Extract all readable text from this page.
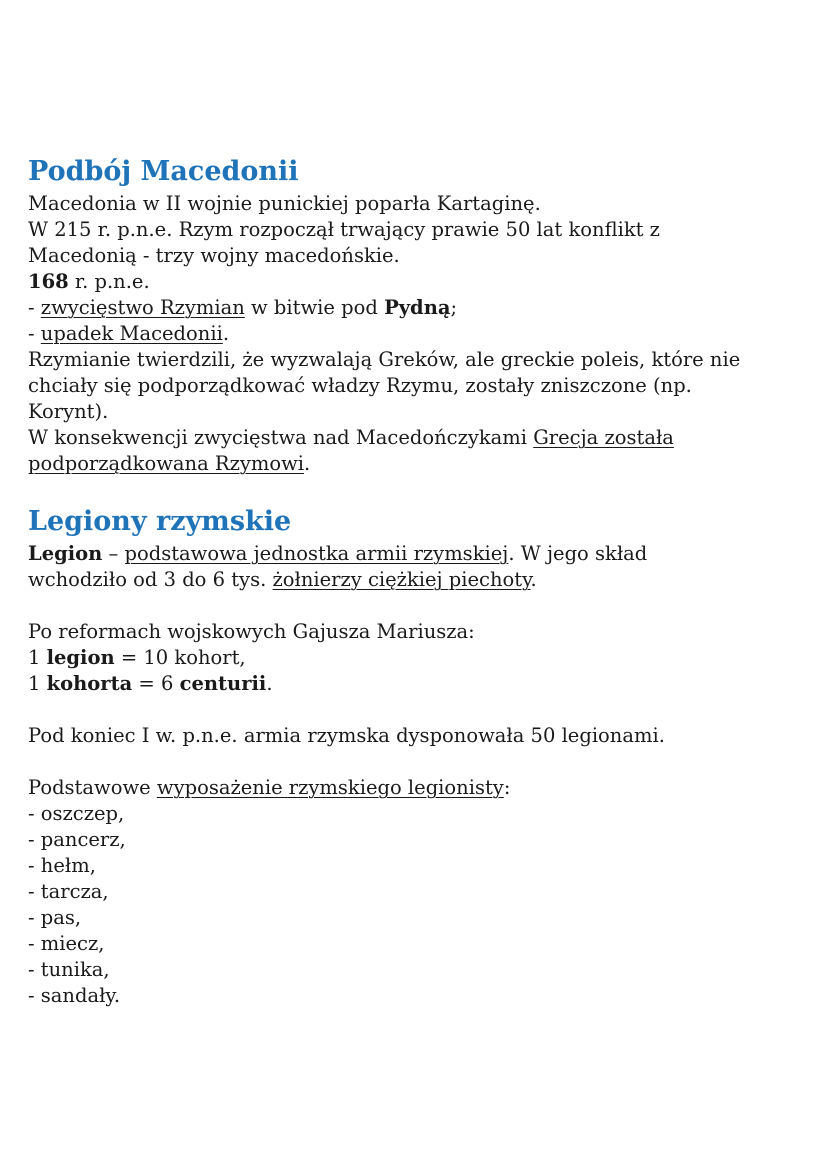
Podbój Macedonii
Macedonia w II wojnie punickiej poparła Kartaginę.
W 215 r. p.n.e. Rzym rozpoczął trwający prawie 50 lat konflikt z
Macedonią - trzy wojny macedońskie.
168 r. p.n.e.
- zwycięstwo Rzymian w bitwie pod Pydną;
- upadek Macedonii.
Rzymianie twierdzili, że wyzwalają Greków, ale greckie poleis, które nie
chciały się podporządkować władzy Rzymu, zostały zniszczone (np.
Korynt).
W konsekwencji zwycięstwa nad Macedończykami Grecja została
podporządkowana Rzymowi.
Legiony rzymskie
Legion – podstawowa jednostka armii rzymskiej. W jego skład
wchodziło od 3 do 6 tys. żołnierzy ciężkiej piechoty.
Po reformach wojskowych Gajusza Mariusza:
1 legion = 10 kohort,
1 kohorta = 6 centurii.
Pod koniec I w. p.n.e. armia rzymska dysponowała 50 legionami.
Podstawowe wyposażenie rzymskiego legionisty:
- oszczep,
- pancerz,
- hełm,
- tarcza,
- pas,
- miecz,
- tunika,
- sandały.
